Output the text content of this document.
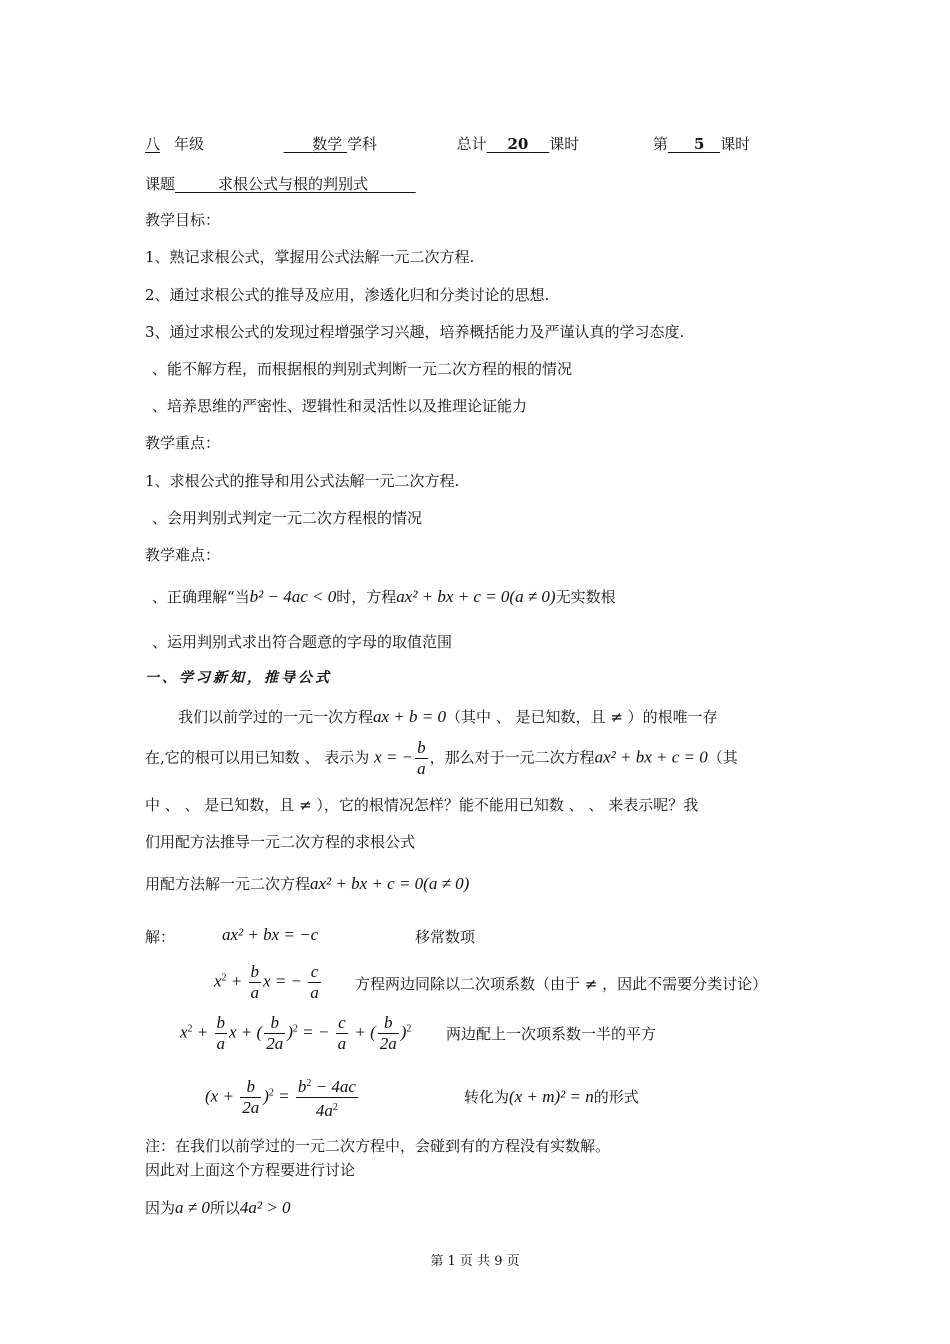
八 年级	数学 学科	总计 20 课时	第 5 课时
课题	求根公式与根的判别式
教学目标：
1、熟记求根公式，掌握用公式法解一元二次方程.
2、通过求根公式的推导及应用，渗透化归和分类讨论的思想.
3、通过求根公式的发现过程增强学习兴趣，培养概括能力及严谨认真的学习态度.
、能不解方程，而根据根的判别式判断一元二次方程的根的情况
、培养思维的严密性、逻辑性和灵活性以及推理论证能力
教学重点：
1、求根公式的推导和用公式法解一元二次方程.
、会用判别式判定一元二次方程根的情况
教学难点：
、正确理解“当b² − 4ac < 0时，方程ax² + bx + c = 0(a ≠ 0)无实数根
、运用判别式求出符合题意的字母的取值范围
一、学习新知，推导公式
我们以前学过的一元一次方程ax + b = 0（其中 、 是已知数，且 ≠ ）的根唯一存
在,它的根可以用已知数 、 表示为 x = − $\frac{b}{a}$ ，那么对于一元二次方程ax² + bx + c = 0（其
中 、 、 是已知数，且 ≠ ），它的根情况怎样？能不能用已知数 、 、 来表示呢？我
们用配方法推导一元二次方程的求根公式
用配方法解一元二次方程ax² + bx + c = 0(a ≠ 0)
解：	ax² + bx = −c	移常数项
$x^2 + \frac{b}{a}$ x = − $\frac{c}{a}$ 方程两边同除以二次项系数（由于 ≠ ，因此不需要分类讨论）
$x^2 + \frac{b}{a}$ x + ( $\frac{b}{2a} )^2$ = − $\frac{c}{a}$ + ( $\frac{b}{2a} )^2$ 两边配上一次项系数一半的平方
$(x + \frac{b}{2a} )^2 = \frac{b^2 - 4ac}{4a^2}$	转化为(x + m)² = n的形式
注：在我们以前学过的一元二次方程中，会碰到有的方程没有实数解。
因此对上面这个方程要进行讨论
因为a ≠ 0所以4a² > 0
第 1 页 共 9 页
